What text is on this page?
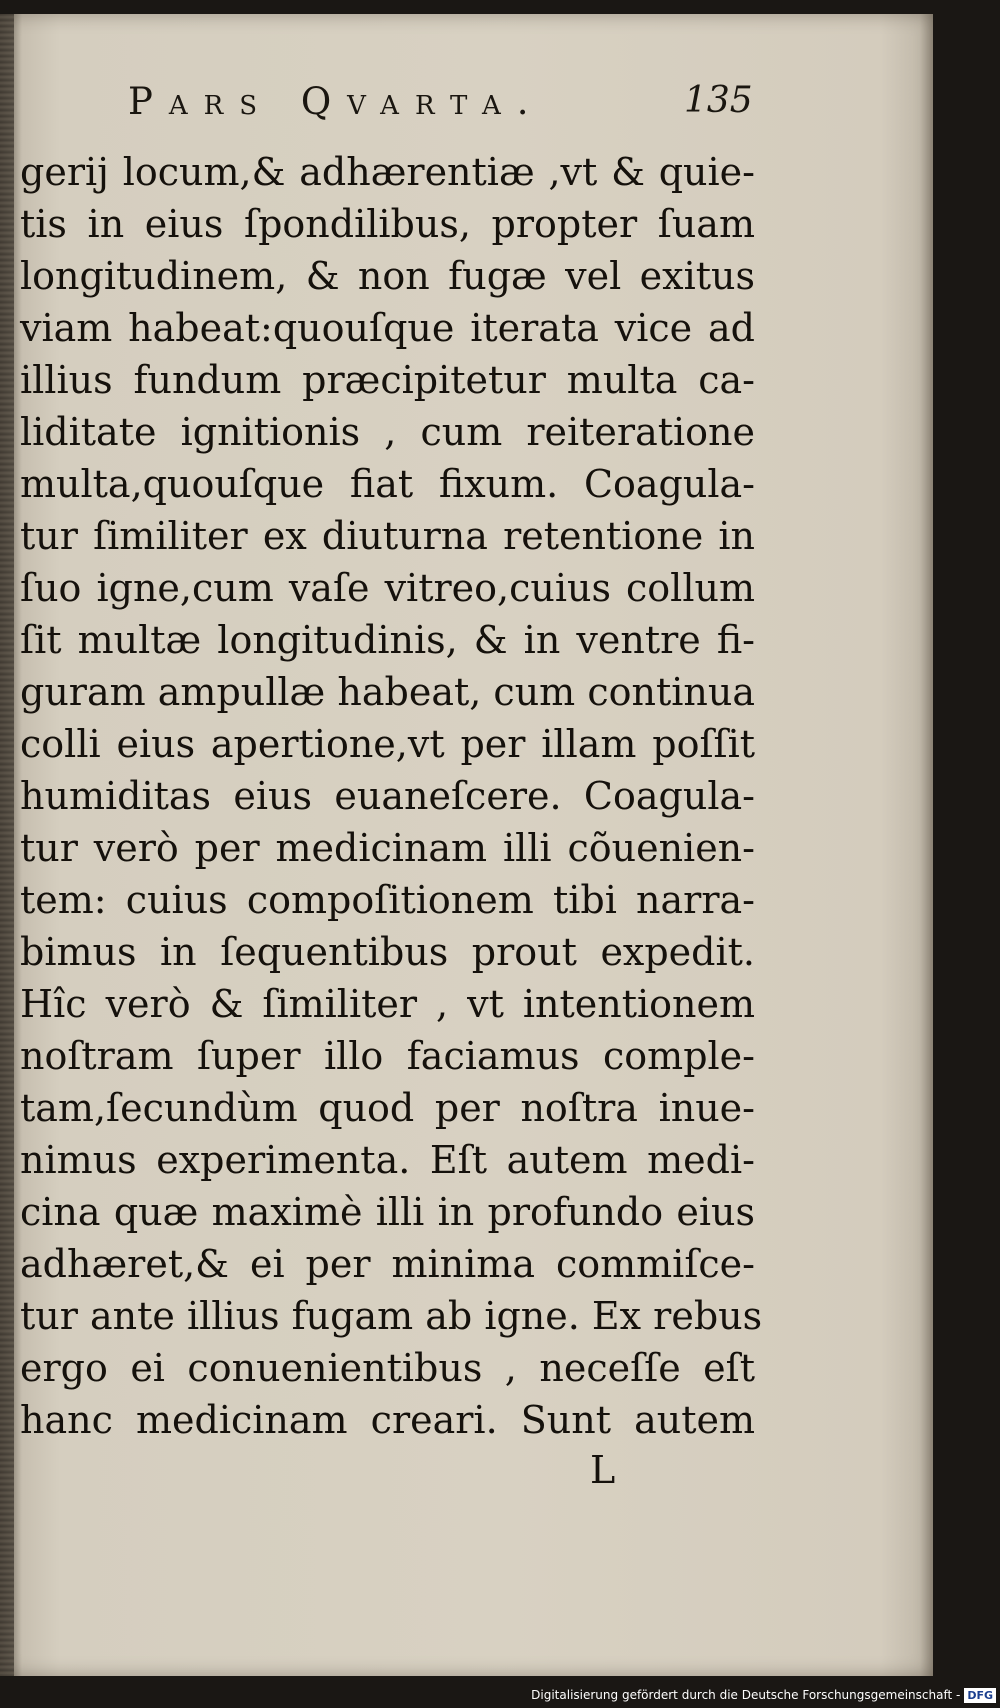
Pars Qvarta.	135
gerij locum,& adhærentiæ ,vt & quie-
tis in eius ſpondilibus, propter ſuam
longitudinem, & non fugæ vel exitus
viam habeat:quouſque iterata vice ad
illius fundum præcipitetur multa ca-
liditate ignitionis , cum reiteratione
multa,quouſque fiat fixum. Coagula-
tur ſimiliter ex diuturna retentione in
ſuo igne,cum vaſe vitreo,cuius collum
ſit multæ longitudinis, & in ventre fi-
guram ampullæ habeat, cum continua
colli eius apertione,vt per illam poſſit
humiditas eius euaneſcere. Coagula-
tur verò per medicinam illi cõuenien-
tem: cuius compoſitionem tibi narra-
bimus in ſequentibus prout expedit.
Hîc verò & ſimiliter , vt intentionem
noſtram ſuper illo faciamus comple-
tam,ſecundùm quod per noſtra inue-
nimus experimenta. Eſt autem medi-
cina quæ maximè illi in profundo eius
adhæret,& ei per minima commiſce-
tur ante illius fugam ab igne. Ex rebus
ergo ei conuenientibus , neceſſe eſt
hanc medicinam creari. Sunt autem
L
Digitalisierung gefördert durch die Deutsche Forschungsgemeinschaft - DFG
